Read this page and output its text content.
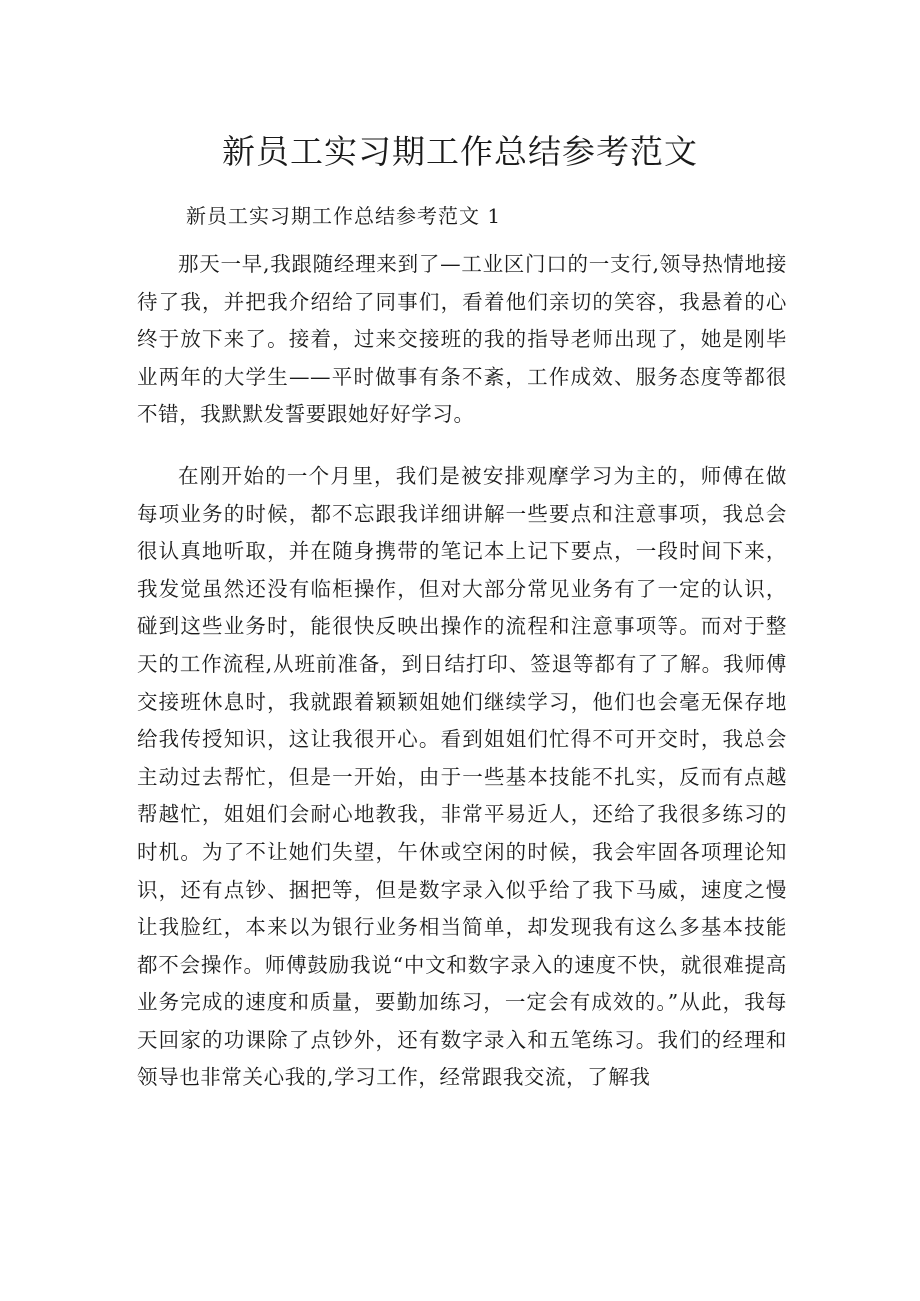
新员工实习期工作总结参考范文

新员工实习期工作总结参考范文 1

那天一早,我跟随经理来到了—工业区门口的一支行,领导热情地接待了我，并把我介绍给了同事们，看着他们亲切的笑容，我悬着的心终于放下来了。接着，过来交接班的我的指导老师出现了，她是刚毕业两年的大学生——平时做事有条不紊，工作成效、服务态度等都很不错，我默默发誓要跟她好好学习。

在刚开始的一个月里，我们是被安排观摩学习为主的，师傅在做每项业务的时候，都不忘跟我详细讲解一些要点和注意事项，我总会很认真地听取，并在随身携带的笔记本上记下要点，一段时间下来，我发觉虽然还没有临柜操作，但对大部分常见业务有了一定的认识，碰到这些业务时，能很快反映出操作的流程和注意事项等。而对于整天的工作流程,从班前准备，到日结打印、签退等都有了了解。我师傅交接班休息时，我就跟着颖颖姐她们继续学习，他们也会毫无保存地给我传授知识，这让我很开心。看到姐姐们忙得不可开交时，我总会主动过去帮忙，但是一开始，由于一些基本技能不扎实，反而有点越帮越忙，姐姐们会耐心地教我，非常平易近人，还给了我很多练习的时机。为了不让她们失望，午休或空闲的时候，我会牢固各项理论知识，还有点钞、捆把等，但是数字录入似乎给了我下马威，速度之慢让我脸红，本来以为银行业务相当简单，却发现我有这么多基本技能都不会操作。师傅鼓励我说“中文和数字录入的速度不快，就很难提高业务完成的速度和质量，要勤加练习，一定会有成效的。”从此，我每天回家的功课除了点钞外，还有数字录入和五笔练习。我们的经理和领导也非常关心我的,学习工作，经常跟我交流，了解我
